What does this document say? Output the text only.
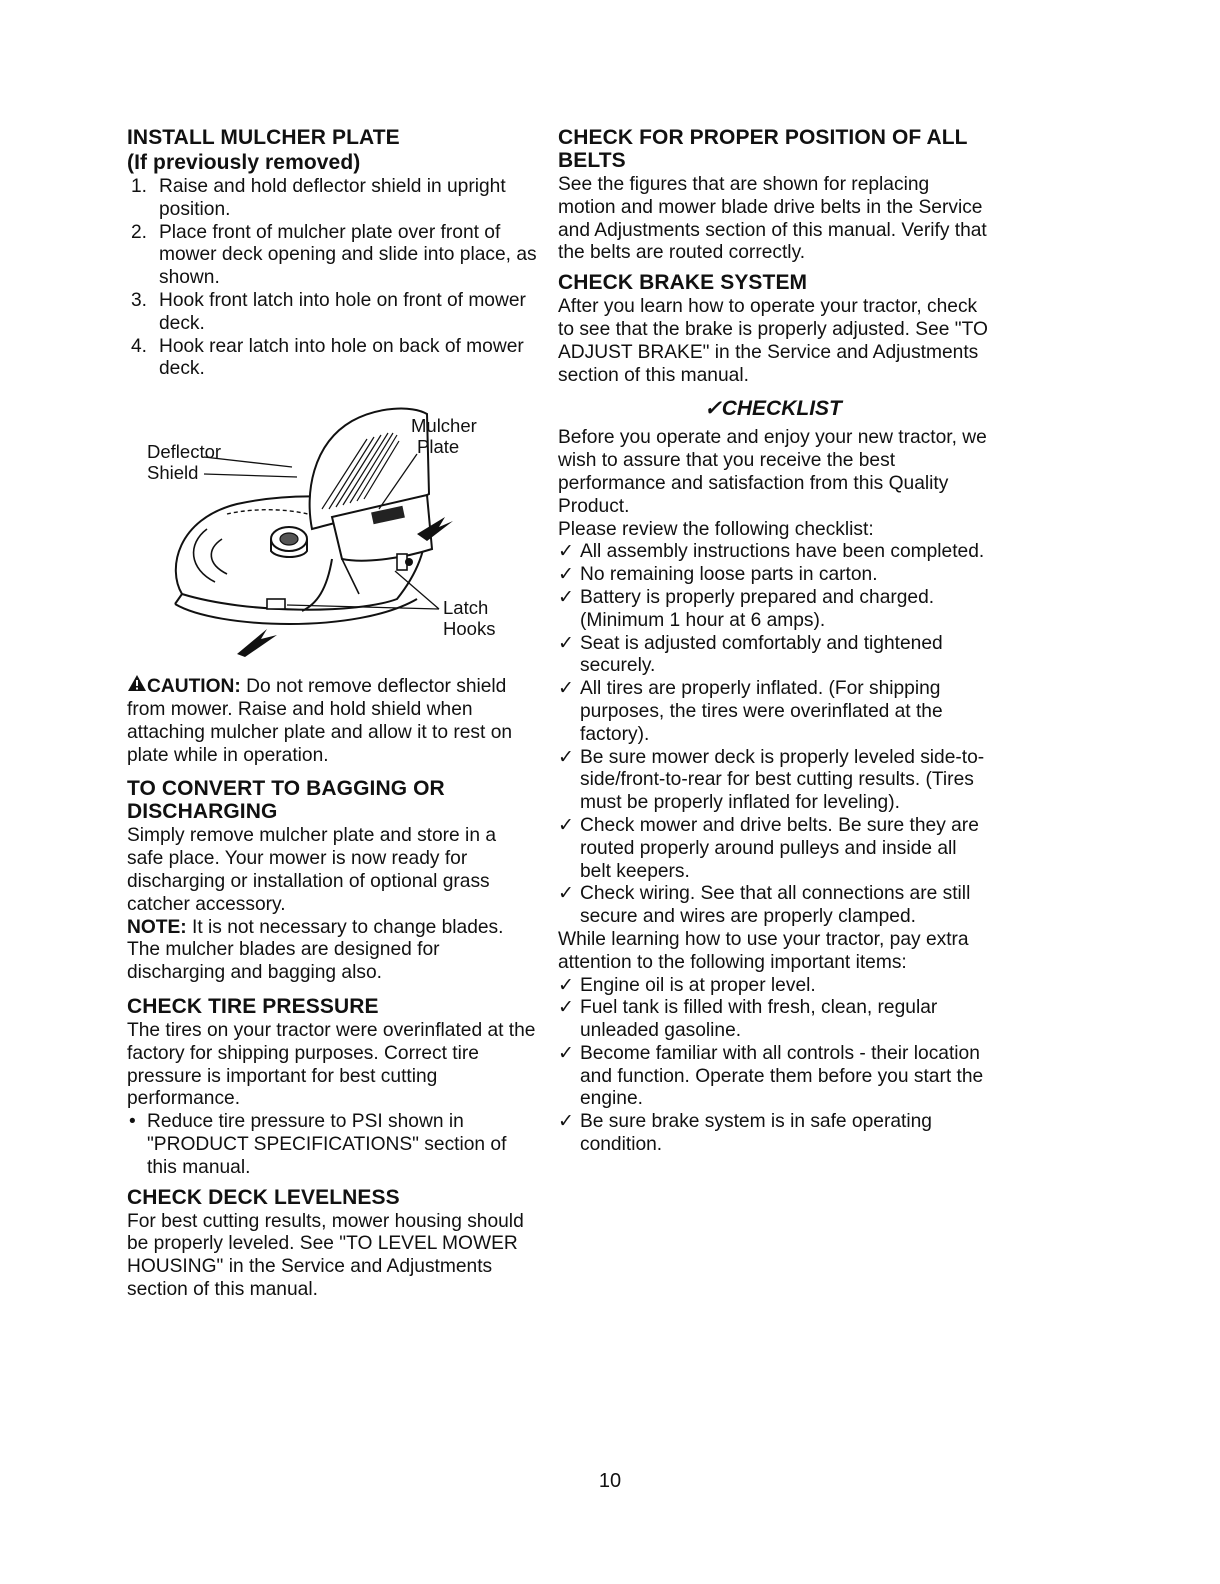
INSTALL MULCHER PLATE
(If previously removed)
1. Raise and hold deflector shield in upright position.
2. Place front of mulcher plate over front of mower deck opening and slide into place, as shown.
3. Hook front latch into hole on front of mower deck.
4. Hook rear latch into hole on back of mower deck.
Deflector
Shield
Mulcher
Plate
Latch
Hooks

CAUTION: Do not remove deflector shield from mower. Raise and hold shield when attaching mulcher plate and allow it to rest on plate while in operation.

TO CONVERT TO BAGGING OR DISCHARGING

Simply remove mulcher plate and store in a safe place. Your mower is now ready for discharging or installation of optional grass catcher accessory.

NOTE: It is not necessary to change blades. The mulcher blades are designed for discharging and bagging also.

CHECK TIRE PRESSURE

The tires on your tractor were overinflated at the factory for shipping purposes. Correct tire pressure is important for best cutting performance.

• Reduce tire pressure to PSI shown in "PRODUCT SPECIFICATIONS" section of this manual.
CHECK DECK LEVELNESS

For best cutting results, mower housing should be properly leveled. See "TO LEVEL MOWER HOUSING" in the Service and Adjustments section of this manual.

CHECK FOR PROPER POSITION OF ALL BELTS

See the figures that are shown for replacing motion and mower blade drive belts in the Service and Adjustments section of this manual. Verify that the belts are routed correctly.

CHECK BRAKE SYSTEM

After you learn how to operate your tractor, check to see that the brake is properly adjusted. See "TO ADJUST BRAKE" in the Service and Adjustments section of this manual.

✓CHECKLIST

Before you operate and enjoy your new tractor, we wish to assure that you receive the best performance and satisfaction from this Quality Product.

Please review the following checklist:

✓ All assembly instructions have been completed.
✓ No remaining loose parts in carton.
✓ Battery is properly prepared and charged. (Minimum 1 hour at 6 amps).
✓ Seat is adjusted comfortably and tightened securely.
✓ All tires are properly inflated. (For shipping purposes, the tires were overinflated at the factory).
✓ Be sure mower deck is properly leveled side-to-side/front-to-rear for best cutting results. (Tires must be properly inflated for leveling).
✓ Check mower and drive belts. Be sure they are routed properly around pulleys and inside all belt keepers.
✓ Check wiring. See that all connections are still secure and wires are properly clamped.

While learning how to use your tractor, pay extra attention to the following important items:

✓ Engine oil is at proper level.
✓ Fuel tank is filled with fresh, clean, regular unleaded gasoline.
✓ Become familiar with all controls - their location and function. Operate them before you start the engine.
✓ Be sure brake system is in safe operating condition.
10
